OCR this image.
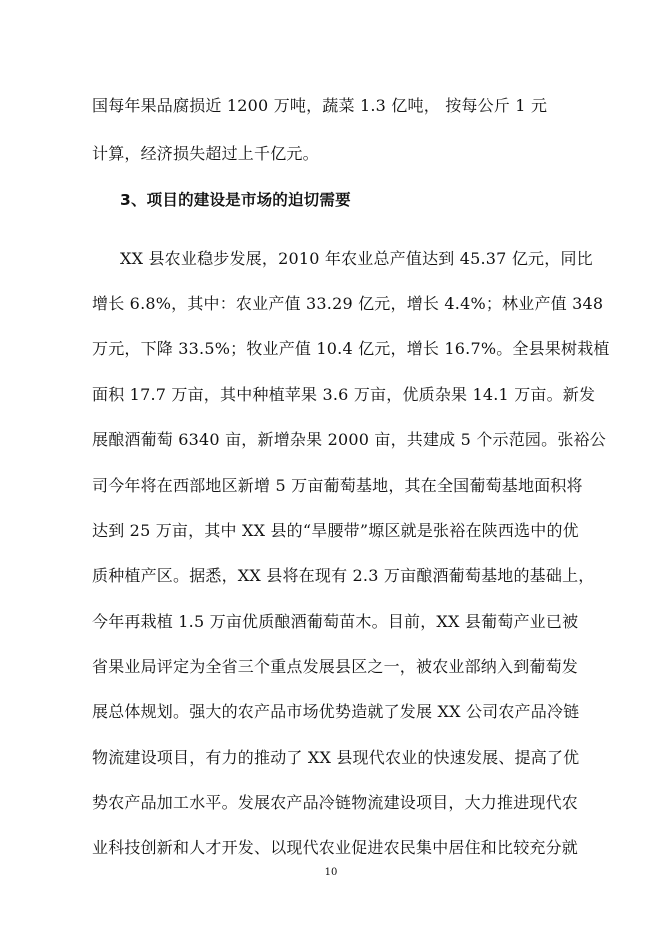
国每年果品腐损近 1200 万吨，蔬菜 1.3 亿吨， 按每公斤 1 元
计算，经济损失超过上千亿元。
3、项目的建设是市场的迫切需要
XX 县农业稳步发展，2010 年农业总产值达到 45.37 亿元，同比
增长 6.8%，其中：农业产值 33.29 亿元，增长 4.4%；林业产值 348
万元，下降 33.5%；牧业产值 10.4 亿元，增长 16.7%。全县果树栽植
面积 17.7 万亩，其中种植苹果 3.6 万亩，优质杂果 14.1 万亩。新发
展酿酒葡萄 6340 亩，新增杂果 2000 亩，共建成 5 个示范园。张裕公
司今年将在西部地区新增 5 万亩葡萄基地，其在全国葡萄基地面积将
达到 25 万亩，其中 XX 县的“旱腰带”塬区就是张裕在陕西选中的优
质种植产区。据悉，XX 县将在现有 2.3 万亩酿酒葡萄基地的基础上，
今年再栽植 1.5 万亩优质酿酒葡萄苗木。目前，XX 县葡萄产业已被
省果业局评定为全省三个重点发展县区之一，被农业部纳入到葡萄发
展总体规划。强大的农产品市场优势造就了发展 XX 公司农产品冷链
物流建设项目，有力的推动了 XX 县现代农业的快速发展、提高了优
势农产品加工水平。发展农产品冷链物流建设项目，大力推进现代农
业科技创新和人才开发、以现代农业促进农民集中居住和比较充分就
10
